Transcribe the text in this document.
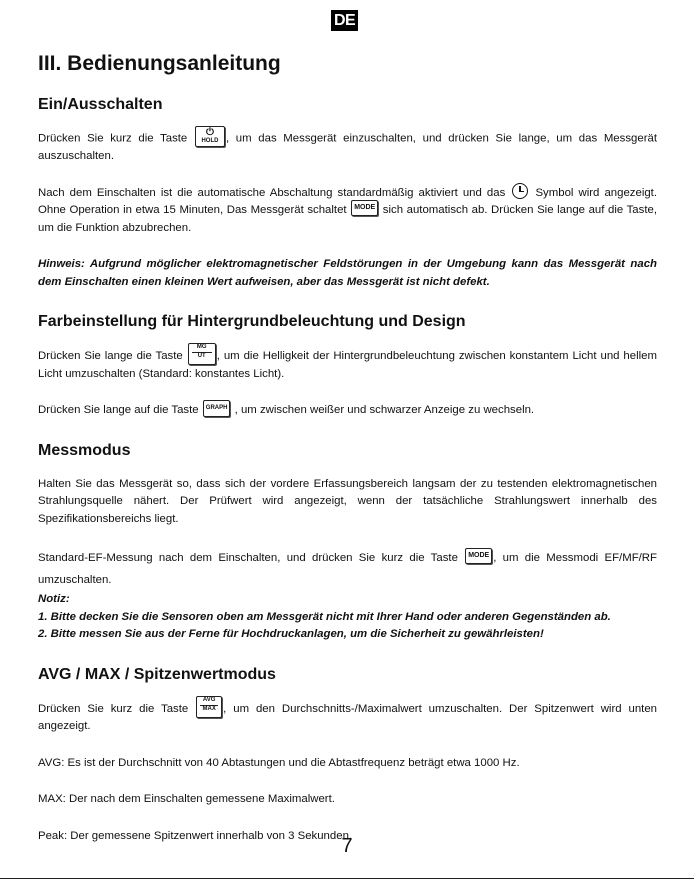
DE
III. Bedienungsanleitung
Ein/Ausschalten

Drücken Sie kurz die Taste
⏻
HOLD , um das Messgerät einzuschalten, und drücken Sie lange, um das Messgerät auszuschalten.

Nach dem Einschalten ist die automatische Abschaltung standardmäßig aktiviert und das	Symbol wird angezeigt. Ohne Operation in etwa 15 Minuten, Das Messgerät schaltet MODE sich automatisch ab. Drücken Sie lange auf die Taste, um die Funktion abzubrechen.

Hinweis: Aufgrund möglicher elektromagnetischer Feldstörungen in der Umgebung kann das Messgerät nach dem Einschalten einen kleinen Wert aufweisen, aber das Messgerät ist nicht defekt.

Farbeinstellung für Hintergrundbeleuchtung und Design

Drücken Sie lange die Taste $\frac{MG}{UT}$ , um die Helligkeit der Hintergrundbeleuchtung zwischen konstantem Licht und hellem Licht umzuschalten (Standard: konstantes Licht).

Drücken Sie lange auf die Taste GRAPH , um zwischen weißer und schwarzer Anzeige zu wechseln.

Messmodus

Halten Sie das Messgerät so, dass sich der vordere Erfassungsbereich langsam der zu testenden elektromagnetischen Strahlungsquelle nähert. Der Prüfwert wird angezeigt, wenn der tatsächliche Strahlungswert innerhalb des Spezifikationsbereichs liegt.

Standard-EF-Messung nach dem Einschalten, und drücken Sie kurz die Taste MODE , um die Messmodi EF/MF/RF umzuschalten.

Notiz:

1. Bitte decken Sie die Sensoren oben am Messgerät nicht mit Ihrer Hand oder anderen Gegenständen ab.

2. Bitte messen Sie aus der Ferne für Hochdruckanlagen, um die Sicherheit zu gewährleisten!

AVG / MAX / Spitzenwertmodus

Drücken Sie kurz die Taste AVG
MAX , um den Durchschnitts-/Maximalwert umzuschalten. Der Spitzenwert wird unten angezeigt.

AVG: Es ist der Durchschnitt von 40 Abtastungen und die Abtastfrequenz beträgt etwa 1000 Hz.

MAX: Der nach dem Einschalten gemessene Maximalwert.

Peak: Der gemessene Spitzenwert innerhalb von 3 Sekunden.

7
